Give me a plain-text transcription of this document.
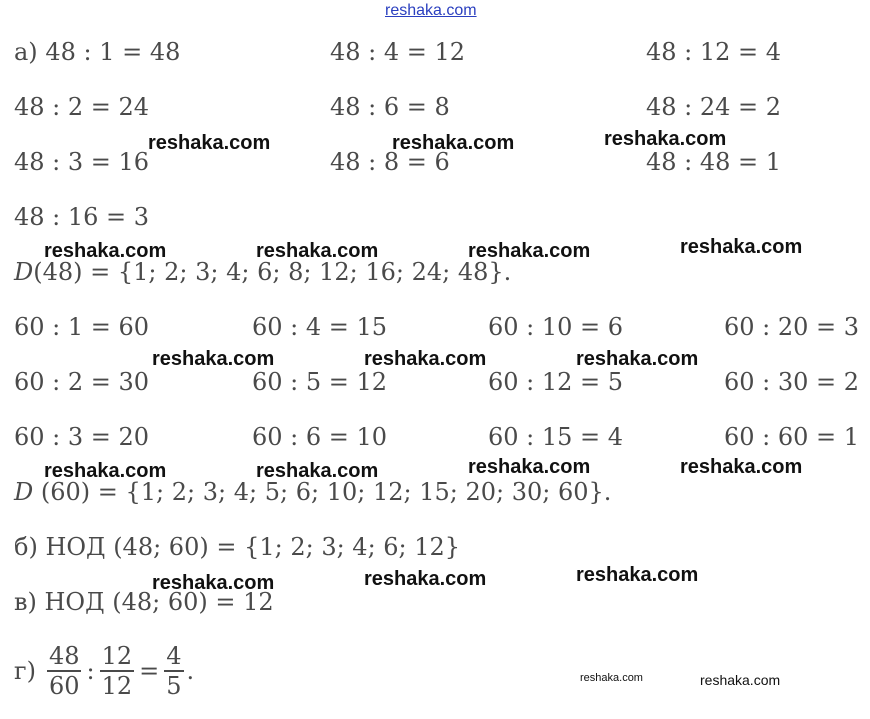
reshaka.com
а) 48 : 1 = 48	48 : 4 = 12	48 : 12 = 4
48 : 2 = 24	48 : 6 = 8	48 : 24 = 2
48 : 3 = 16	48 : 8 = 6	48 : 48 = 1
48 : 16 = 3
D(48) = {1; 2; 3; 4; 6; 8; 12; 16; 24; 48}.
60 : 1 = 60	60 : 4 = 15	60 : 10 = 6	60 : 20 = 3
60 : 2 = 30	60 : 5 = 12	60 : 12 = 5	60 : 30 = 2
60 : 3 = 20	60 : 6 = 10	60 : 15 = 4	60 : 60 = 1
D (60) = {1; 2; 3; 4; 5; 6; 10; 12; 15; 20; 30; 60}.
б) НОД (48; 60) = {1; 2; 3; 4; 6; 12}
в) НОД (48; 60) = 12
$г) \frac{48}{60}$ : $\frac{12}{12} = \frac{4}{5}$ .
reshaka.com	reshaka.com	reshaka.com
reshaka.com	reshaka.com	reshaka.com	reshaka.com
reshaka.com	reshaka.com	reshaka.com
reshaka.com	reshaka.com	reshaka.com	reshaka.com
reshaka.com	reshaka.com	reshaka.com
reshaka.com	reshaka.com
